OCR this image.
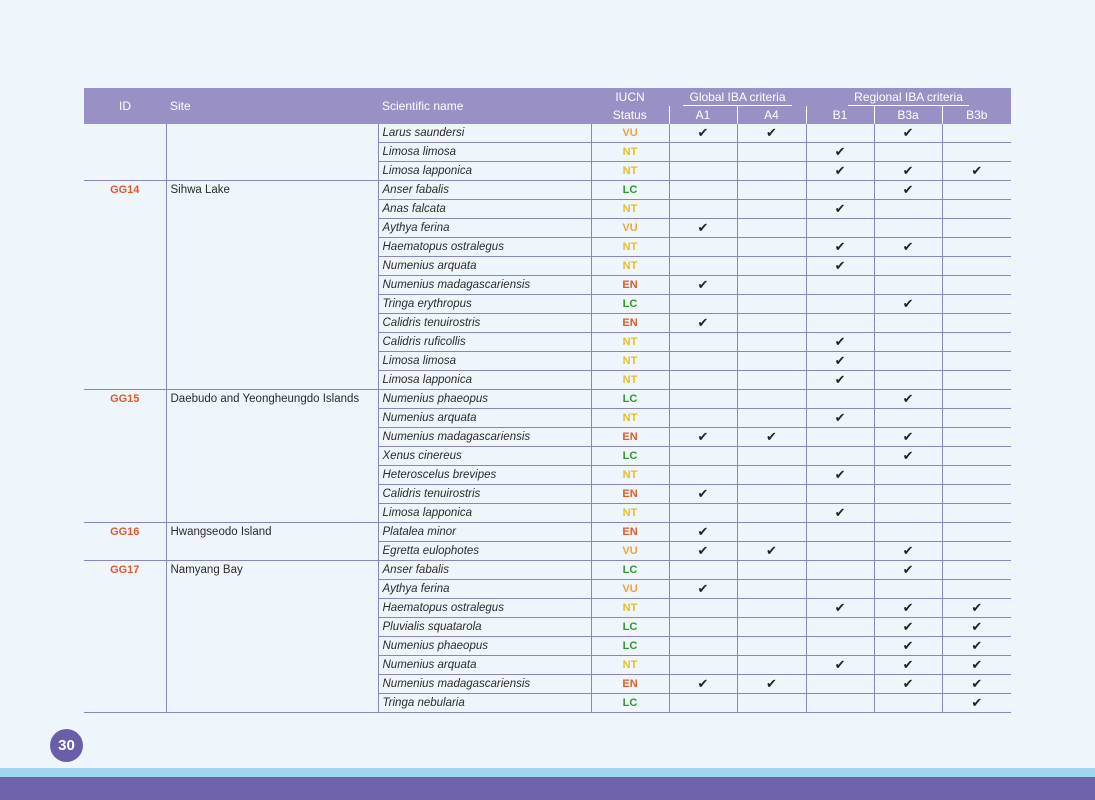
ID	Site	Scientific name	IUCN	Global IBA criteria		Regional IBA criteria		
			Status	A1	A4	B1	B3a	B3b
		Larus saundersi	VU	✔	✔		✔	
		Limosa limosa	NT			✔		
		Limosa lapponica	NT			✔	✔	✔
GG14	Sihwa Lake	Anser fabalis	LC				✔	
		Anas falcata	NT			✔		
		Aythya ferina	VU	✔				
		Haematopus ostralegus	NT			✔	✔	
		Numenius arquata	NT			✔		
		Numenius madagascariensis	EN	✔				
		Tringa erythropus	LC				✔	
		Calidris tenuirostris	EN	✔				
		Calidris ruficollis	NT			✔		
		Limosa limosa	NT			✔		
		Limosa lapponica	NT			✔		
GG15	Daebudo and Yeongheungdo Islands	Numenius phaeopus	LC				✔	
		Numenius arquata	NT			✔		
		Numenius madagascariensis	EN	✔	✔		✔	
		Xenus cinereus	LC				✔	
		Heteroscelus brevipes	NT			✔		
		Calidris tenuirostris	EN	✔				
		Limosa lapponica	NT			✔		
GG16	Hwangseodo Island	Platalea minor	EN	✔				
		Egretta eulophotes	VU	✔	✔		✔	
GG17	Namyang Bay	Anser fabalis	LC				✔	
		Aythya ferina	VU	✔				
		Haematopus ostralegus	NT			✔	✔	✔
		Pluvialis squatarola	LC				✔	✔
		Numenius phaeopus	LC				✔	✔
		Numenius arquata	NT			✔	✔	✔
		Numenius madagascariensis	EN	✔	✔		✔	✔
		Tringa nebularia	LC					✔
30
